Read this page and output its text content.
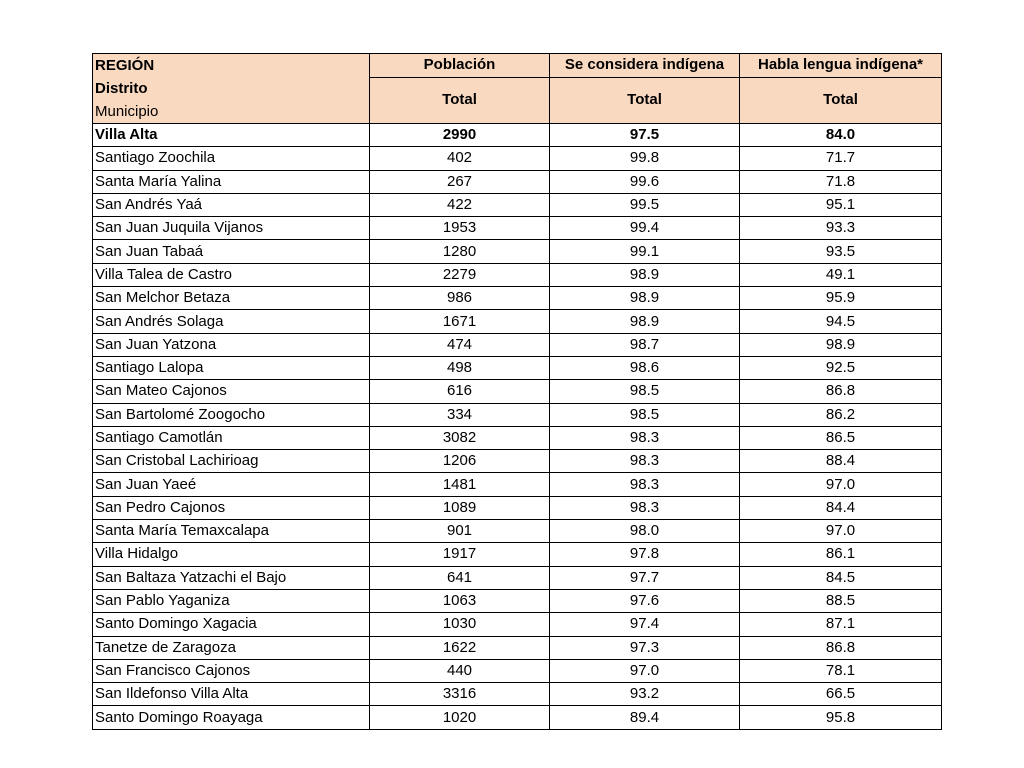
REGIÓN
Distrito
Municipio	Población	Se considera indígena	Habla lengua indígena*
	Total	Total	Total
Villa Alta	2990	97.5	84.0
Santiago Zoochila	402	99.8	71.7
Santa María Yalina	267	99.6	71.8
San Andrés Yaá	422	99.5	95.1
San Juan Juquila Vijanos	1953	99.4	93.3
San Juan Tabaá	1280	99.1	93.5
Villa Talea de Castro	2279	98.9	49.1
San Melchor Betaza	986	98.9	95.9
San Andrés Solaga	1671	98.9	94.5
San Juan Yatzona	474	98.7	98.9
Santiago Lalopa	498	98.6	92.5
San Mateo Cajonos	616	98.5	86.8
San Bartolomé Zoogocho	334	98.5	86.2
Santiago Camotlán	3082	98.3	86.5
San Cristobal Lachirioag	1206	98.3	88.4
San Juan Yaeé	1481	98.3	97.0
San Pedro Cajonos	1089	98.3	84.4
Santa María Temaxcalapa	901	98.0	97.0
Villa Hidalgo	1917	97.8	86.1
San Baltaza Yatzachi el Bajo	641	97.7	84.5
San Pablo Yaganiza	1063	97.6	88.5
Santo Domingo Xagacia	1030	97.4	87.1
Tanetze de Zaragoza	1622	97.3	86.8
San Francisco Cajonos	440	97.0	78.1
San Ildefonso Villa Alta	3316	93.2	66.5
Santo Domingo Roayaga	1020	89.4	95.8
